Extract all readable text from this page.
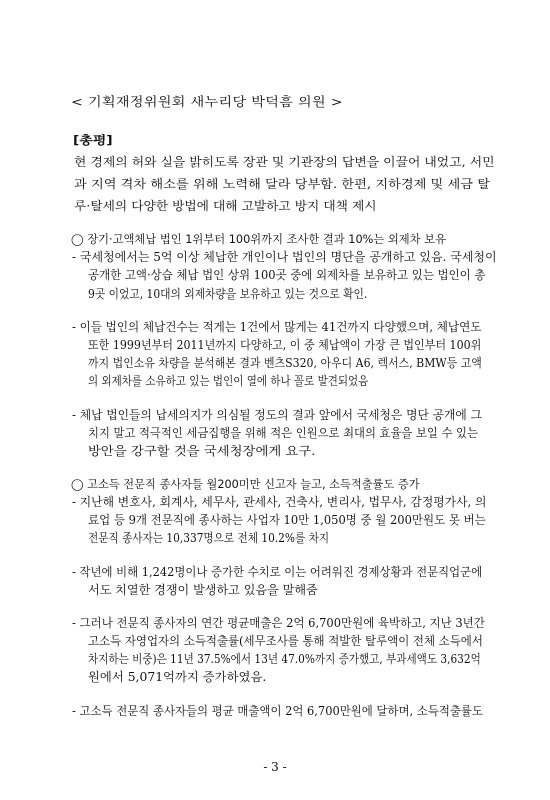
< 기획재정위원회 새누리당 박덕흠 의원 >
[총평]
현 경제의 허와 실을 밝히도록 장관 및 기관장의 답변을 이끌어 내었고, 서민
과 지역 격차 해소를 위해 노력해 달라 당부함. 한편, 지하경제 및 세금 탈
루·탈세의 다양한 방법에 대해 고발하고 방지 대책 제시
◯ 장기·고액체납 법인 1위부터 100위까지 조사한 결과 10%는 외제차 보유
- 국세청에서는 5억 이상 체납한 개인이나 법인의 명단을 공개하고 있음. 국세청이
공개한 고액·상습 체납 법인 상위 100곳 중에 외제차를 보유하고 있는 법인이 총
9곳 이었고, 10대의 외제차량을 보유하고 있는 것으로 확인.
- 이들 법인의 체납건수는 적게는 1건에서 많게는 41건까지 다양했으며, 체납연도
또한 1999년부터 2011년까지 다양하고, 이 중 체납액이 가장 큰 법인부터 100위
까지 법인소유 차량을 분석해본 결과 벤츠S320, 아우디 A6, 렉서스, BMW등 고액
의 외제차를 소유하고 있는 법인이 열에 하나 꼴로 발견되었음
- 체납 법인들의 납세의지가 의심될 정도의 결과 앞에서 국세청은 명단 공개에 그
치지 말고 적극적인 세금집행을 위해 적은 인원으로 최대의 효율을 보일 수 있는
방안을 강구할 것을 국세청장에게 요구.
◯ 고소득 전문직 종사자들 월200미만 신고자 늘고, 소득적출률도 증가
- 지난해 변호사, 회계사, 세무사, 관세사, 건축사, 변리사, 법무사, 감정평가사, 의
료업 등 9개 전문직에 종사하는 사업자 10만 1,050명 중 월 200만원도 못 버는
전문직 종사자는 10,337명으로 전체 10.2%를 차지
- 작년에 비해 1,242명이나 증가한 수치로 이는 어려워진 경제상황과 전문직업군에
서도 치열한 경쟁이 발생하고 있음을 말해줌
- 그러나 전문직 종사자의 연간 평균매출은 2억 6,700만원에 육박하고, 지난 3년간
고소득 자영업자의 소득적출률(세무조사를 통해 적발한 탈루액이 전체 소득에서
차지하는 비중)은 11년 37.5%에서 13년 47.0%까지 증가했고, 부과세액도 3,632억
원에서 5,071억까지 증가하였음.
- 고소득 전문직 종사자들의 평균 매출액이 2억 6,700만원에 달하며, 소득적출률도
- 3 -
